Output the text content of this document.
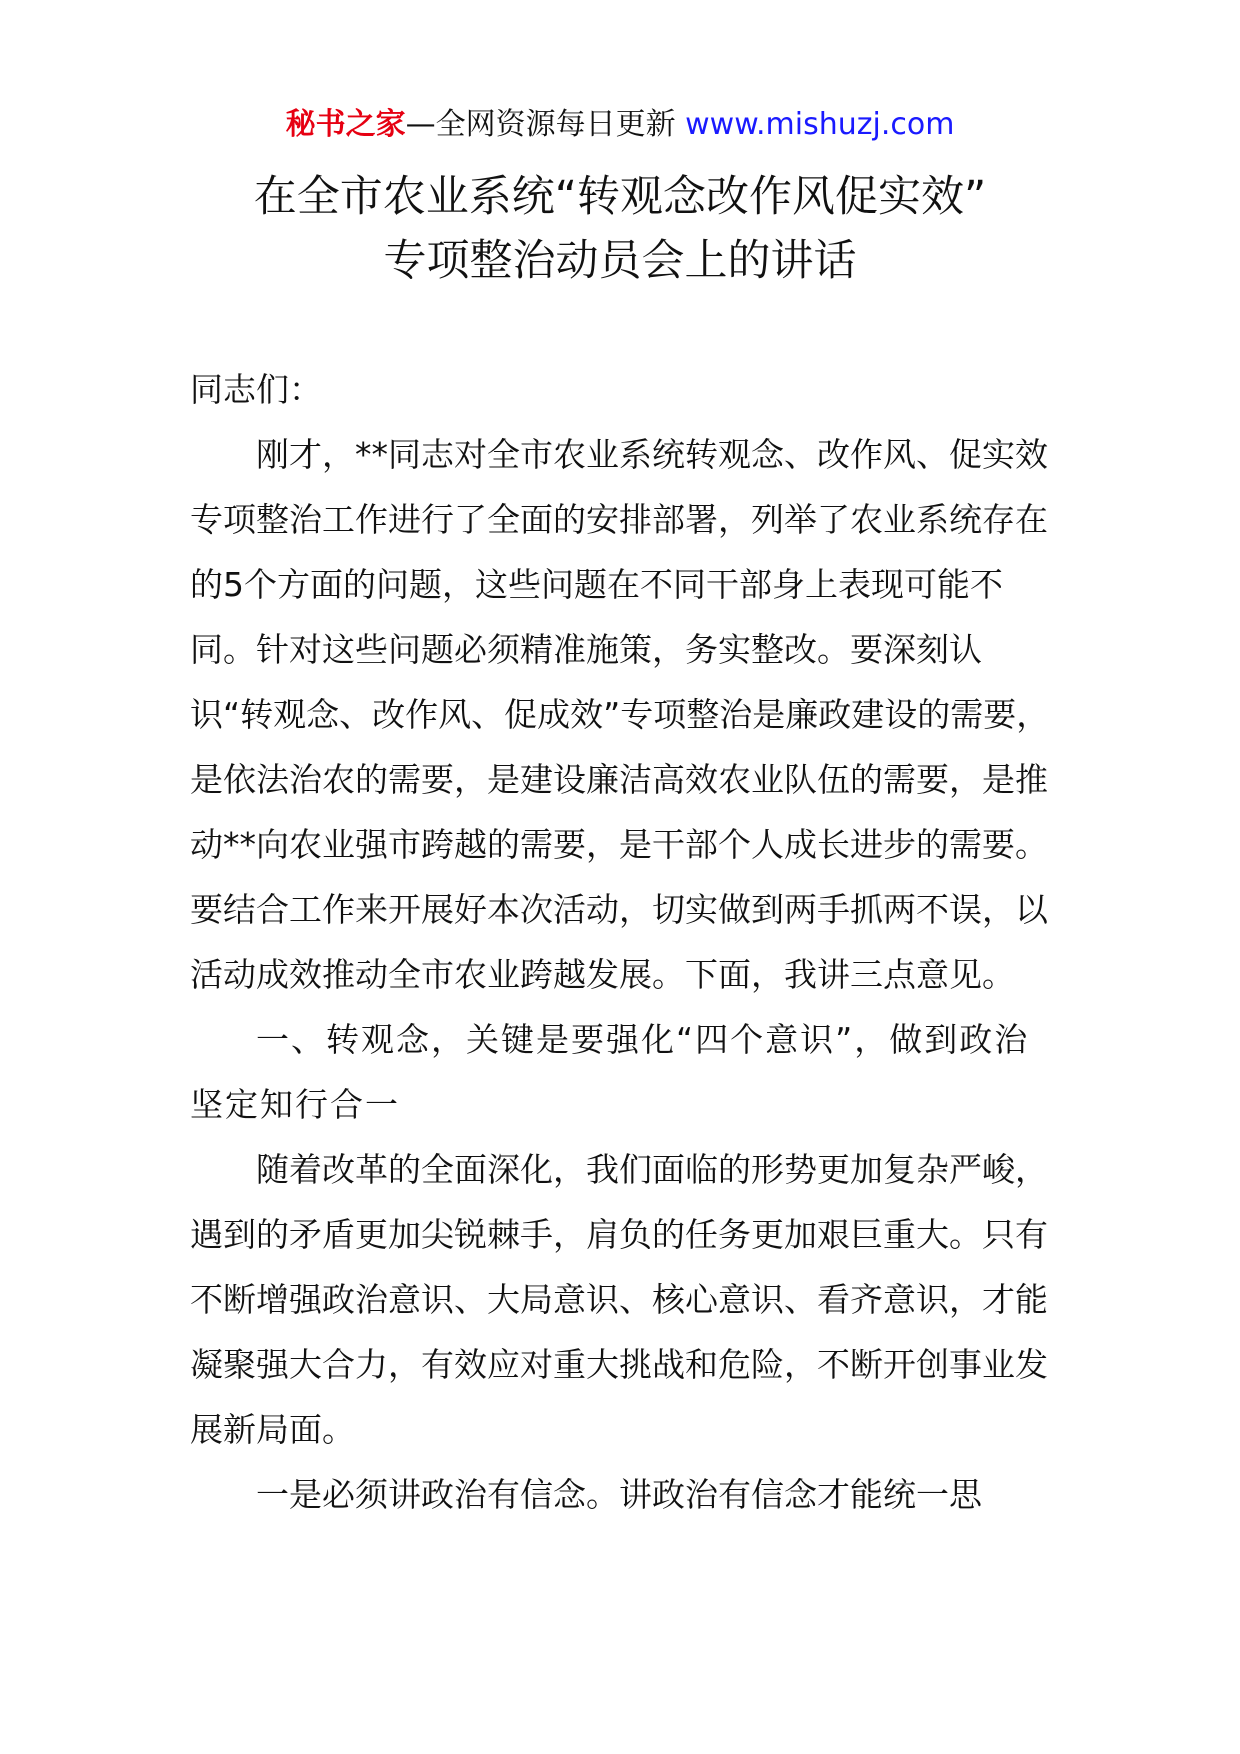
秘书之家—全网资源每日更新 www.mishuzj.com
在全市农业系统“转观念改作风促实效”
专项整治动员会上的讲话

同志们：

刚才，**同志对全市农业系统转观念、改作风、促实效专项整治工作进行了全面的安排部署，列举了农业系统存在的5个方面的问题，这些问题在不同干部身上表现可能不同。针对这些问题必须精准施策，务实整改。要深刻认识“转观念、改作风、促成效”专项整治是廉政建设的需要，是依法治农的需要，是建设廉洁高效农业队伍的需要，是推动**向农业强市跨越的需要，是干部个人成长进步的需要。要结合工作来开展好本次活动，切实做到两手抓两不误，以活动成效推动全市农业跨越发展。下面，我讲三点意见。

一、转观念，关键是要强化“四个意识”，做到政治坚定知行合一

随着改革的全面深化，我们面临的形势更加复杂严峻，遇到的矛盾更加尖锐棘手，肩负的任务更加艰巨重大。只有不断增强政治意识、大局意识、核心意识、看齐意识，才能凝聚强大合力，有效应对重大挑战和危险，不断开创事业发展新局面。

一是必须讲政治有信念。讲政治有信念才能统一思
